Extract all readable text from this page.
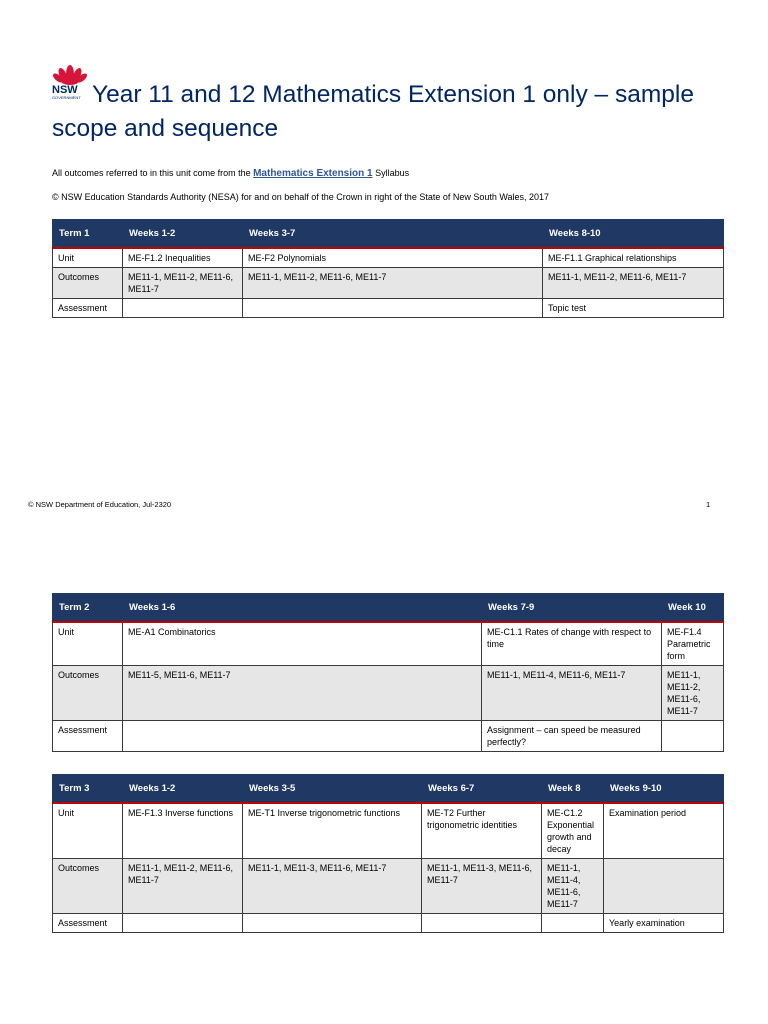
NSW
GOVERNMENT Year 11 and 12 Mathematics Extension 1 only – sample scope and sequence
All outcomes referred to in this unit come from the Mathematics Extension 1 Syllabus
© NSW Education Standards Authority (NESA) for and on behalf of the Crown in right of the State of New South Wales, 2017
Term 1	Weeks 1-2	Weeks 3-7	Weeks 8-10
Unit	ME-F1.2 Inequalities	ME-F2 Polynomials	ME-F1.1 Graphical relationships
Outcomes	ME11-1, ME11-2, ME11-6, ME11-7	ME11-1, ME11-2, ME11-6, ME11-7	ME11-1, ME11-2, ME11-6, ME11-7
Assessment			Topic test
© NSW Department of Education, Jul-2320	1
Term 2	Weeks 1-6	Weeks 7-9	Week 10
Unit	ME-A1 Combinatorics	ME-C1.1 Rates of change with respect to time	ME-F1.4 Parametric form
Outcomes	ME11-5, ME11-6, ME11-7	ME11-1, ME11-4, ME11-6, ME11-7	ME11-1, ME11-2, ME11-6, ME11-7
Assessment		Assignment – can speed be measured perfectly?	
Term 3	Weeks 1-2	Weeks 3-5	Weeks 6-7	Week 8	Weeks 9-10
Unit	ME-F1.3 Inverse functions	ME-T1 Inverse trigonometric functions	ME-T2 Further trigonometric identities	ME-C1.2 Exponential growth and decay	Examination period
Outcomes	ME11-1, ME11-2, ME11-6, ME11-7	ME11-1, ME11-3, ME11-6, ME11-7	ME11-1, ME11-3, ME11-6, ME11-7	ME11-1, ME11-4, ME11-6, ME11-7	
Assessment					Yearly examination
